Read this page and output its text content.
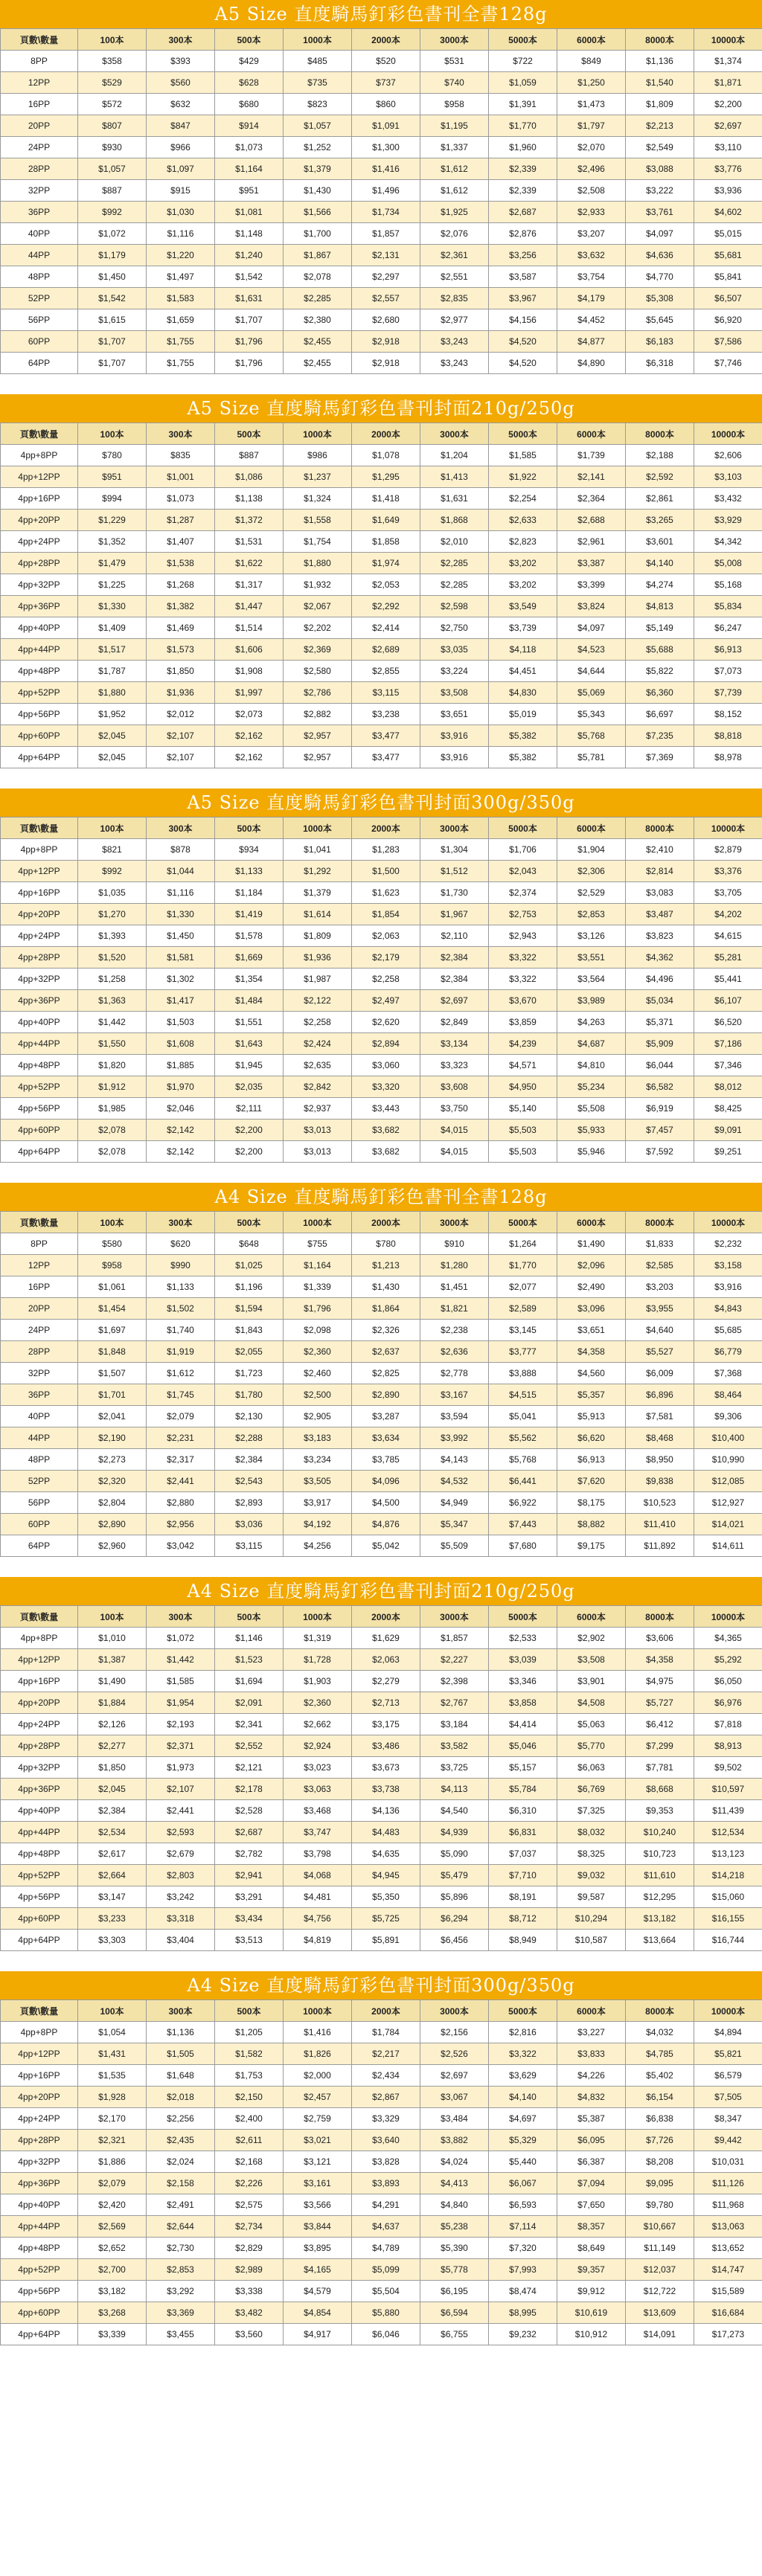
A5 Size 直度騎馬釘彩色書刊全書128g
頁數\數量	100本	300本	500本	1000本	2000本	3000本	5000本	6000本	8000本	10000本
8PP	$358	$393	$429	$485	$520	$531	$722	$849	$1,136	$1,374
12PP	$529	$560	$628	$735	$737	$740	$1,059	$1,250	$1,540	$1,871
16PP	$572	$632	$680	$823	$860	$958	$1,391	$1,473	$1,809	$2,200
20PP	$807	$847	$914	$1,057	$1,091	$1,195	$1,770	$1,797	$2,213	$2,697
24PP	$930	$966	$1,073	$1,252	$1,300	$1,337	$1,960	$2,070	$2,549	$3,110
28PP	$1,057	$1,097	$1,164	$1,379	$1,416	$1,612	$2,339	$2,496	$3,088	$3,776
32PP	$887	$915	$951	$1,430	$1,496	$1,612	$2,339	$2,508	$3,222	$3,936
36PP	$992	$1,030	$1,081	$1,566	$1,734	$1,925	$2,687	$2,933	$3,761	$4,602
40PP	$1,072	$1,116	$1,148	$1,700	$1,857	$2,076	$2,876	$3,207	$4,097	$5,015
44PP	$1,179	$1,220	$1,240	$1,867	$2,131	$2,361	$3,256	$3,632	$4,636	$5,681
48PP	$1,450	$1,497	$1,542	$2,078	$2,297	$2,551	$3,587	$3,754	$4,770	$5,841
52PP	$1,542	$1,583	$1,631	$2,285	$2,557	$2,835	$3,967	$4,179	$5,308	$6,507
56PP	$1,615	$1,659	$1,707	$2,380	$2,680	$2,977	$4,156	$4,452	$5,645	$6,920
60PP	$1,707	$1,755	$1,796	$2,455	$2,918	$3,243	$4,520	$4,877	$6,183	$7,586
64PP	$1,707	$1,755	$1,796	$2,455	$2,918	$3,243	$4,520	$4,890	$6,318	$7,746
A5 Size 直度騎馬釘彩色書刊封面210g/250g
頁數\數量	100本	300本	500本	1000本	2000本	3000本	5000本	6000本	8000本	10000本
4pp+8PP	$780	$835	$887	$986	$1,078	$1,204	$1,585	$1,739	$2,188	$2,606
4pp+12PP	$951	$1,001	$1,086	$1,237	$1,295	$1,413	$1,922	$2,141	$2,592	$3,103
4pp+16PP	$994	$1,073	$1,138	$1,324	$1,418	$1,631	$2,254	$2,364	$2,861	$3,432
4pp+20PP	$1,229	$1,287	$1,372	$1,558	$1,649	$1,868	$2,633	$2,688	$3,265	$3,929
4pp+24PP	$1,352	$1,407	$1,531	$1,754	$1,858	$2,010	$2,823	$2,961	$3,601	$4,342
4pp+28PP	$1,479	$1,538	$1,622	$1,880	$1,974	$2,285	$3,202	$3,387	$4,140	$5,008
4pp+32PP	$1,225	$1,268	$1,317	$1,932	$2,053	$2,285	$3,202	$3,399	$4,274	$5,168
4pp+36PP	$1,330	$1,382	$1,447	$2,067	$2,292	$2,598	$3,549	$3,824	$4,813	$5,834
4pp+40PP	$1,409	$1,469	$1,514	$2,202	$2,414	$2,750	$3,739	$4,097	$5,149	$6,247
4pp+44PP	$1,517	$1,573	$1,606	$2,369	$2,689	$3,035	$4,118	$4,523	$5,688	$6,913
4pp+48PP	$1,787	$1,850	$1,908	$2,580	$2,855	$3,224	$4,451	$4,644	$5,822	$7,073
4pp+52PP	$1,880	$1,936	$1,997	$2,786	$3,115	$3,508	$4,830	$5,069	$6,360	$7,739
4pp+56PP	$1,952	$2,012	$2,073	$2,882	$3,238	$3,651	$5,019	$5,343	$6,697	$8,152
4pp+60PP	$2,045	$2,107	$2,162	$2,957	$3,477	$3,916	$5,382	$5,768	$7,235	$8,818
4pp+64PP	$2,045	$2,107	$2,162	$2,957	$3,477	$3,916	$5,382	$5,781	$7,369	$8,978
A5 Size 直度騎馬釘彩色書刊封面300g/350g
頁數\數量	100本	300本	500本	1000本	2000本	3000本	5000本	6000本	8000本	10000本
4pp+8PP	$821	$878	$934	$1,041	$1,283	$1,304	$1,706	$1,904	$2,410	$2,879
4pp+12PP	$992	$1,044	$1,133	$1,292	$1,500	$1,512	$2,043	$2,306	$2,814	$3,376
4pp+16PP	$1,035	$1,116	$1,184	$1,379	$1,623	$1,730	$2,374	$2,529	$3,083	$3,705
4pp+20PP	$1,270	$1,330	$1,419	$1,614	$1,854	$1,967	$2,753	$2,853	$3,487	$4,202
4pp+24PP	$1,393	$1,450	$1,578	$1,809	$2,063	$2,110	$2,943	$3,126	$3,823	$4,615
4pp+28PP	$1,520	$1,581	$1,669	$1,936	$2,179	$2,384	$3,322	$3,551	$4,362	$5,281
4pp+32PP	$1,258	$1,302	$1,354	$1,987	$2,258	$2,384	$3,322	$3,564	$4,496	$5,441
4pp+36PP	$1,363	$1,417	$1,484	$2,122	$2,497	$2,697	$3,670	$3,989	$5,034	$6,107
4pp+40PP	$1,442	$1,503	$1,551	$2,258	$2,620	$2,849	$3,859	$4,263	$5,371	$6,520
4pp+44PP	$1,550	$1,608	$1,643	$2,424	$2,894	$3,134	$4,239	$4,687	$5,909	$7,186
4pp+48PP	$1,820	$1,885	$1,945	$2,635	$3,060	$3,323	$4,571	$4,810	$6,044	$7,346
4pp+52PP	$1,912	$1,970	$2,035	$2,842	$3,320	$3,608	$4,950	$5,234	$6,582	$8,012
4pp+56PP	$1,985	$2,046	$2,111	$2,937	$3,443	$3,750	$5,140	$5,508	$6,919	$8,425
4pp+60PP	$2,078	$2,142	$2,200	$3,013	$3,682	$4,015	$5,503	$5,933	$7,457	$9,091
4pp+64PP	$2,078	$2,142	$2,200	$3,013	$3,682	$4,015	$5,503	$5,946	$7,592	$9,251
A4 Size 直度騎馬釘彩色書刊全書128g
頁數\數量	100本	300本	500本	1000本	2000本	3000本	5000本	6000本	8000本	10000本
8PP	$580	$620	$648	$755	$780	$910	$1,264	$1,490	$1,833	$2,232
12PP	$958	$990	$1,025	$1,164	$1,213	$1,280	$1,770	$2,096	$2,585	$3,158
16PP	$1,061	$1,133	$1,196	$1,339	$1,430	$1,451	$2,077	$2,490	$3,203	$3,916
20PP	$1,454	$1,502	$1,594	$1,796	$1,864	$1,821	$2,589	$3,096	$3,955	$4,843
24PP	$1,697	$1,740	$1,843	$2,098	$2,326	$2,238	$3,145	$3,651	$4,640	$5,685
28PP	$1,848	$1,919	$2,055	$2,360	$2,637	$2,636	$3,777	$4,358	$5,527	$6,779
32PP	$1,507	$1,612	$1,723	$2,460	$2,825	$2,778	$3,888	$4,560	$6,009	$7,368
36PP	$1,701	$1,745	$1,780	$2,500	$2,890	$3,167	$4,515	$5,357	$6,896	$8,464
40PP	$2,041	$2,079	$2,130	$2,905	$3,287	$3,594	$5,041	$5,913	$7,581	$9,306
44PP	$2,190	$2,231	$2,288	$3,183	$3,634	$3,992	$5,562	$6,620	$8,468	$10,400
48PP	$2,273	$2,317	$2,384	$3,234	$3,785	$4,143	$5,768	$6,913	$8,950	$10,990
52PP	$2,320	$2,441	$2,543	$3,505	$4,096	$4,532	$6,441	$7,620	$9,838	$12,085
56PP	$2,804	$2,880	$2,893	$3,917	$4,500	$4,949	$6,922	$8,175	$10,523	$12,927
60PP	$2,890	$2,956	$3,036	$4,192	$4,876	$5,347	$7,443	$8,882	$11,410	$14,021
64PP	$2,960	$3,042	$3,115	$4,256	$5,042	$5,509	$7,680	$9,175	$11,892	$14,611
A4 Size 直度騎馬釘彩色書刊封面210g/250g
頁數\數量	100本	300本	500本	1000本	2000本	3000本	5000本	6000本	8000本	10000本
4pp+8PP	$1,010	$1,072	$1,146	$1,319	$1,629	$1,857	$2,533	$2,902	$3,606	$4,365
4pp+12PP	$1,387	$1,442	$1,523	$1,728	$2,063	$2,227	$3,039	$3,508	$4,358	$5,292
4pp+16PP	$1,490	$1,585	$1,694	$1,903	$2,279	$2,398	$3,346	$3,901	$4,975	$6,050
4pp+20PP	$1,884	$1,954	$2,091	$2,360	$2,713	$2,767	$3,858	$4,508	$5,727	$6,976
4pp+24PP	$2,126	$2,193	$2,341	$2,662	$3,175	$3,184	$4,414	$5,063	$6,412	$7,818
4pp+28PP	$2,277	$2,371	$2,552	$2,924	$3,486	$3,582	$5,046	$5,770	$7,299	$8,913
4pp+32PP	$1,850	$1,973	$2,121	$3,023	$3,673	$3,725	$5,157	$6,063	$7,781	$9,502
4pp+36PP	$2,045	$2,107	$2,178	$3,063	$3,738	$4,113	$5,784	$6,769	$8,668	$10,597
4pp+40PP	$2,384	$2,441	$2,528	$3,468	$4,136	$4,540	$6,310	$7,325	$9,353	$11,439
4pp+44PP	$2,534	$2,593	$2,687	$3,747	$4,483	$4,939	$6,831	$8,032	$10,240	$12,534
4pp+48PP	$2,617	$2,679	$2,782	$3,798	$4,635	$5,090	$7,037	$8,325	$10,723	$13,123
4pp+52PP	$2,664	$2,803	$2,941	$4,068	$4,945	$5,479	$7,710	$9,032	$11,610	$14,218
4pp+56PP	$3,147	$3,242	$3,291	$4,481	$5,350	$5,896	$8,191	$9,587	$12,295	$15,060
4pp+60PP	$3,233	$3,318	$3,434	$4,756	$5,725	$6,294	$8,712	$10,294	$13,182	$16,155
4pp+64PP	$3,303	$3,404	$3,513	$4,819	$5,891	$6,456	$8,949	$10,587	$13,664	$16,744
A4 Size 直度騎馬釘彩色書刊封面300g/350g
頁數\數量	100本	300本	500本	1000本	2000本	3000本	5000本	6000本	8000本	10000本
4pp+8PP	$1,054	$1,136	$1,205	$1,416	$1,784	$2,156	$2,816	$3,227	$4,032	$4,894
4pp+12PP	$1,431	$1,505	$1,582	$1,826	$2,217	$2,526	$3,322	$3,833	$4,785	$5,821
4pp+16PP	$1,535	$1,648	$1,753	$2,000	$2,434	$2,697	$3,629	$4,226	$5,402	$6,579
4pp+20PP	$1,928	$2,018	$2,150	$2,457	$2,867	$3,067	$4,140	$4,832	$6,154	$7,505
4pp+24PP	$2,170	$2,256	$2,400	$2,759	$3,329	$3,484	$4,697	$5,387	$6,838	$8,347
4pp+28PP	$2,321	$2,435	$2,611	$3,021	$3,640	$3,882	$5,329	$6,095	$7,726	$9,442
4pp+32PP	$1,886	$2,024	$2,168	$3,121	$3,828	$4,024	$5,440	$6,387	$8,208	$10,031
4pp+36PP	$2,079	$2,158	$2,226	$3,161	$3,893	$4,413	$6,067	$7,094	$9,095	$11,126
4pp+40PP	$2,420	$2,491	$2,575	$3,566	$4,291	$4,840	$6,593	$7,650	$9,780	$11,968
4pp+44PP	$2,569	$2,644	$2,734	$3,844	$4,637	$5,238	$7,114	$8,357	$10,667	$13,063
4pp+48PP	$2,652	$2,730	$2,829	$3,895	$4,789	$5,390	$7,320	$8,649	$11,149	$13,652
4pp+52PP	$2,700	$2,853	$2,989	$4,165	$5,099	$5,778	$7,993	$9,357	$12,037	$14,747
4pp+56PP	$3,182	$3,292	$3,338	$4,579	$5,504	$6,195	$8,474	$9,912	$12,722	$15,589
4pp+60PP	$3,268	$3,369	$3,482	$4,854	$5,880	$6,594	$8,995	$10,619	$13,609	$16,684
4pp+64PP	$3,339	$3,455	$3,560	$4,917	$6,046	$6,755	$9,232	$10,912	$14,091	$17,273
